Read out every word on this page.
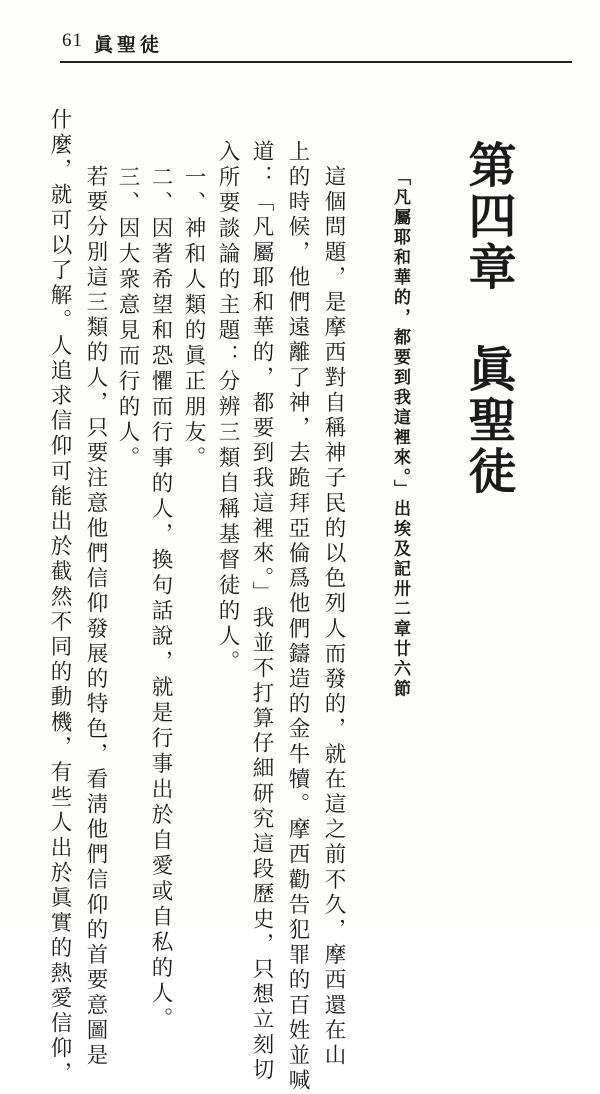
61 眞聖徒
第四章　眞聖徒
「凡屬耶和華的，都要到我這裡來。」出埃及記卅二章廿六節
　這個問題，是摩西對自稱神子民的以色列人而發的，就在這之前不久，摩西還在山
上的時候，他們遠離了神，去跪拜亞倫爲他們鑄造的金牛犢。摩西勸告犯罪的百姓並喊
道：「凡屬耶和華的，都要到我這裡來。」我並不打算仔細研究這段歷史，只想立刻切
入所要談論的主題：分辨三類自稱基督徒的人。
　一、神和人類的眞正朋友。
　二、因著希望和恐懼而行事的人，換句話說，就是行事出於自愛或自私的人。
　三、因大衆意見而行的人。
　若要分別這三類的人，只要注意他們信仰發展的特色，看淸他們信仰的首要意圖是
什麼，就可以了解。人追求信仰可能出於截然不同的動機，有些人出於眞實的熱愛信仰，
